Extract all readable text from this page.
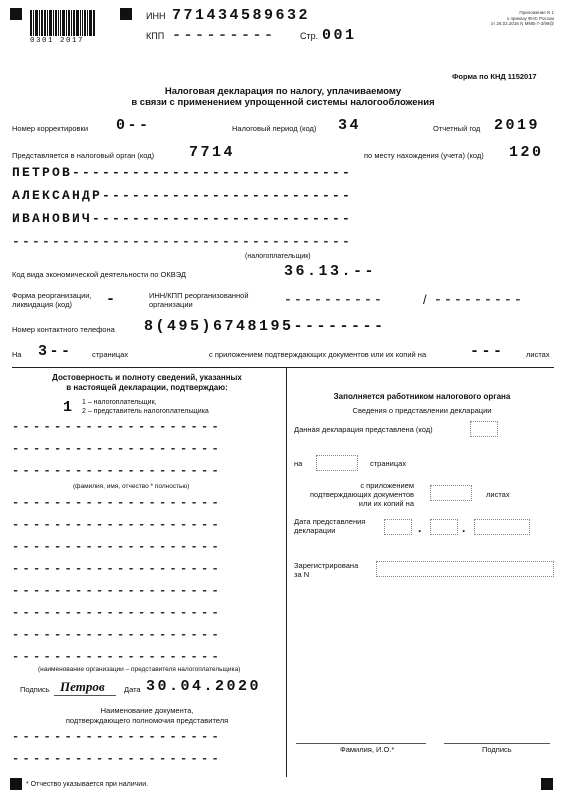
0301 2017
ИНН 771434589632
КПП ---------	Стр. 001
Приложение N 1
к приказу ФНС России
от 26.02.2016 N ММВ-7-3/99@
Форма по КНД 1152017
Налоговая декларация по налогу, уплачиваемому
в связи с применением упрощенной системы налогообложения
Номер корректировки 0--	Налоговый период (код) 34	Отчетный год 2019
Представляется в налоговый орган (код) 7714	по месту нахождения (учета) (код) 120
ПЕТРОВ----------------------------
АЛЕКСАНДР-------------------------
ИВАНОВИЧ--------------------------
----------------------------------
(налогоплательщик)
Код вида экономической деятельности по ОКВЭД	36.13.--
Форма реорганизации,
ликвидация (код)	-	ИНН/КПП реорганизованной
организации	----------	/ ---------
Номер контактного телефона 8(495)6748195--------
На 3--	страницах	с приложением подтверждающих документов или их копий на	---	листах
Достоверность и полноту сведений, указанных
в настоящей декларации, подтверждаю:
1 1 – налогоплательщик,
2 – представитель налогоплательщика
--------------------
--------------------
--------------------
(фамилия, имя, отчество * полностью)
--------------------
--------------------
--------------------
--------------------
--------------------
--------------------
--------------------
--------------------
(наименование организации – представителя налогоплательщика)
Подпись Петров	Дата 30.04.2020
Наименование документа,
подтверждающего полномочия представителя
--------------------
--------------------
Заполняется работником налогового органа
Сведения о представлении декларации
Данная декларация представлена (код)
на	страницах
с приложением
подтверждающих документов
или их копий на
листах
Дата представления
декларации	.	.
Зарегистрирована
за N
Фамилия, И.О.*	Подпись
* Отчество указывается при наличии.
